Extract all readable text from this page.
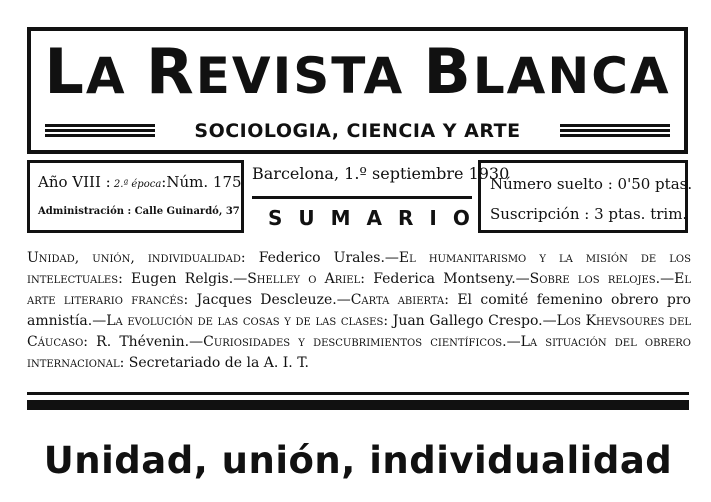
LA REVISTA BLANCA
SOCIOLOGIA, CIENCIA Y ARTE
Año VIII : 2.ª época:Núm. 175
Administración : Calle Guinardó, 37
Barcelona, 1.º septiembre 1930
SUMARIO
Número suelto : 0'50 ptas.
Suscripción : 3 ptas. trim.

Unidad, unión, individualidad: Federico Urales.—El humanitarismo y la misión de los intelectuales: Eugen Relgis.—Shelley o Ariel: Federica Montseny.—Sobre los relojes.—El arte literario francés: Jacques Descleuze.—Carta abierta: El comité femenino obrero pro amnistía.—La evolución de las cosas y de las clases: Juan Gallego Crespo.—Los Khevsoures del Cáucaso: R. Thévenin.—Curiosidades y descubrimientos científicos.—La situación del obrero internacional: Secretariado de la A. I. T.

Unidad, unión, individualidad
